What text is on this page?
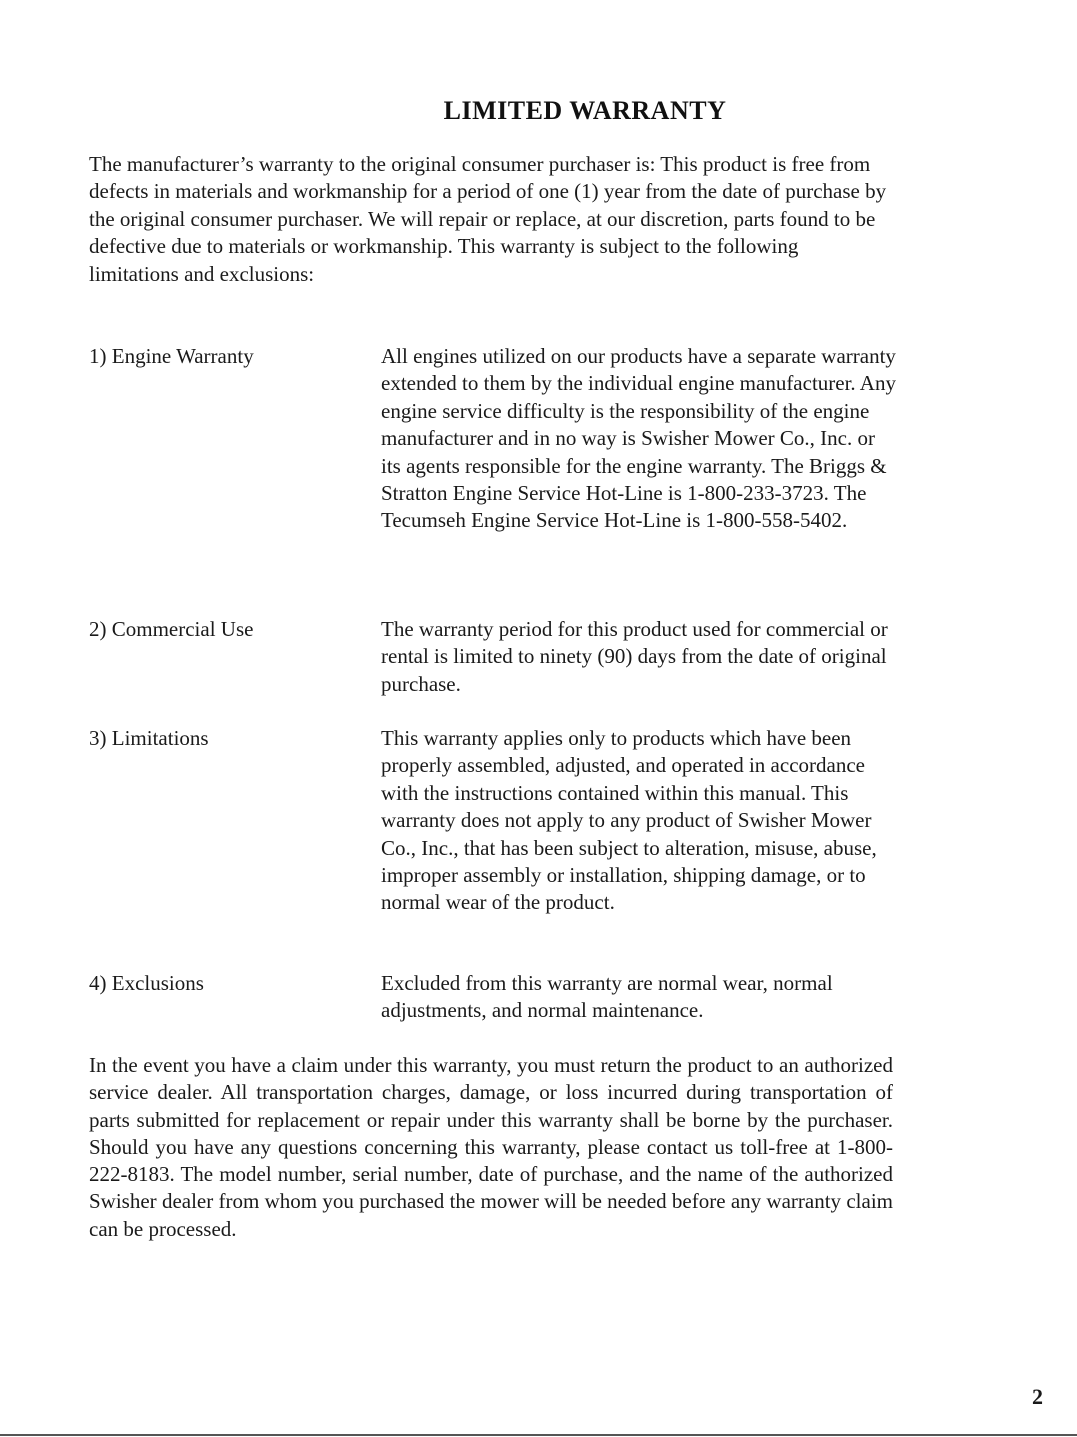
LIMITED WARRANTY

The manufacturer’s warranty to the original consumer purchaser is: This product is free from defects in materials and workmanship for a period of one (1) year from the date of purchase by the original consumer purchaser. We will repair or replace, at our discretion, parts found to be defective due to materials or workmanship. This warranty is subject to the following limitations and exclusions:

1) Engine Warranty	All engines utilized on our products have a separate warranty extended to them by the individual engine manufacturer. Any engine service difficulty is the responsibility of the engine manufacturer and in no way is Swisher Mower Co., Inc. or its agents responsible for the engine warranty. The Briggs & Stratton Engine Service Hot-Line is 1-800-233-3723. The Tecumseh Engine Service Hot-Line is 1-800-558-5402.

2) Commercial Use	The warranty period for this product used for commercial or rental is limited to ninety (90) days from the date of original purchase.

3) Limitations	This warranty applies only to products which have been properly assembled, adjusted, and operated in accordance with the instructions contained within this manual. This warranty does not apply to any product of Swisher Mower Co., Inc., that has been subject to alteration, misuse, abuse, improper assembly or installation, shipping damage, or to normal wear of the product.

4) Exclusions	Excluded from this warranty are normal wear, normal adjustments, and normal maintenance.

In the event you have a claim under this warranty, you must return the product to an authorized service dealer. All transportation charges, damage, or loss incurred during transportation of parts submitted for replacement or repair under this warranty shall be borne by the purchaser. Should you have any questions concerning this warranty, please contact us toll-free at 1-800-222-8183. The model number, serial number, date of purchase, and the name of the authorized Swisher dealer from whom you purchased the mower will be needed before any warranty claim can be processed.

2
